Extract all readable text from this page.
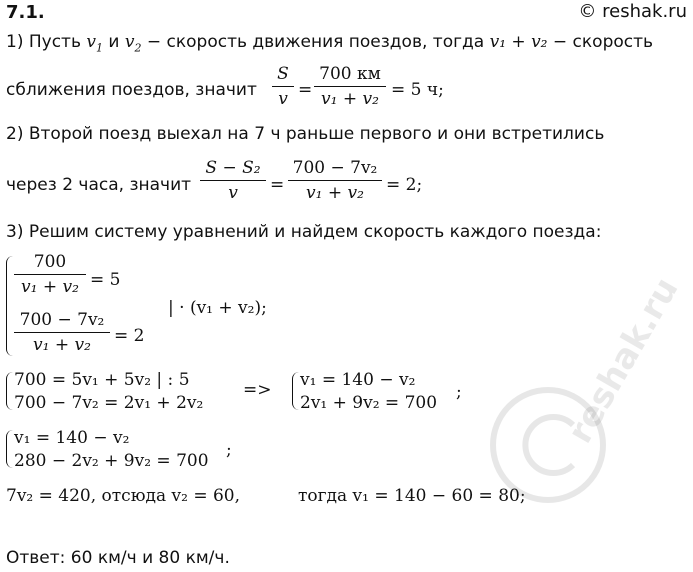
7.1.	© reshak.ru
1) Пусть $v_1$ и $v_2$ − скорость движения поездов, тогда v₁ + v₂ − скорость
сближения поездов, значит
S
v =
700 км
v₁ + v₂ = 5 ч;
2) Второй поезд выехал на 7 ч раньше первого и они встретились
через 2 часа, значит
S − S₂
v	=
700 − 7v₂
v₁ + v₂	= 2;
3) Решим систему уравнений и найдем скорость каждого поезда:
700
v₁ + v₂ = 5
700 − 7v₂
v₁ + v₂	= 2
| · (v₁ + v₂);
700 = 5v₁ + 5v₂ | : 5
700 − 7v₂ = 2v₁ + 2v₂
=> v₁ = 140 − v₂
2v₁ + 9v₂ = 700
;
v₁ = 140 − v₂
280 − 2v₂ + 9v₂ = 700
;
7v₂ = 420, отсюда v₂ = 60,	тогда v₁ = 140 − 60 = 80;
Ответ: 60 км/ч и 80 км/ч.
reshak.ru
